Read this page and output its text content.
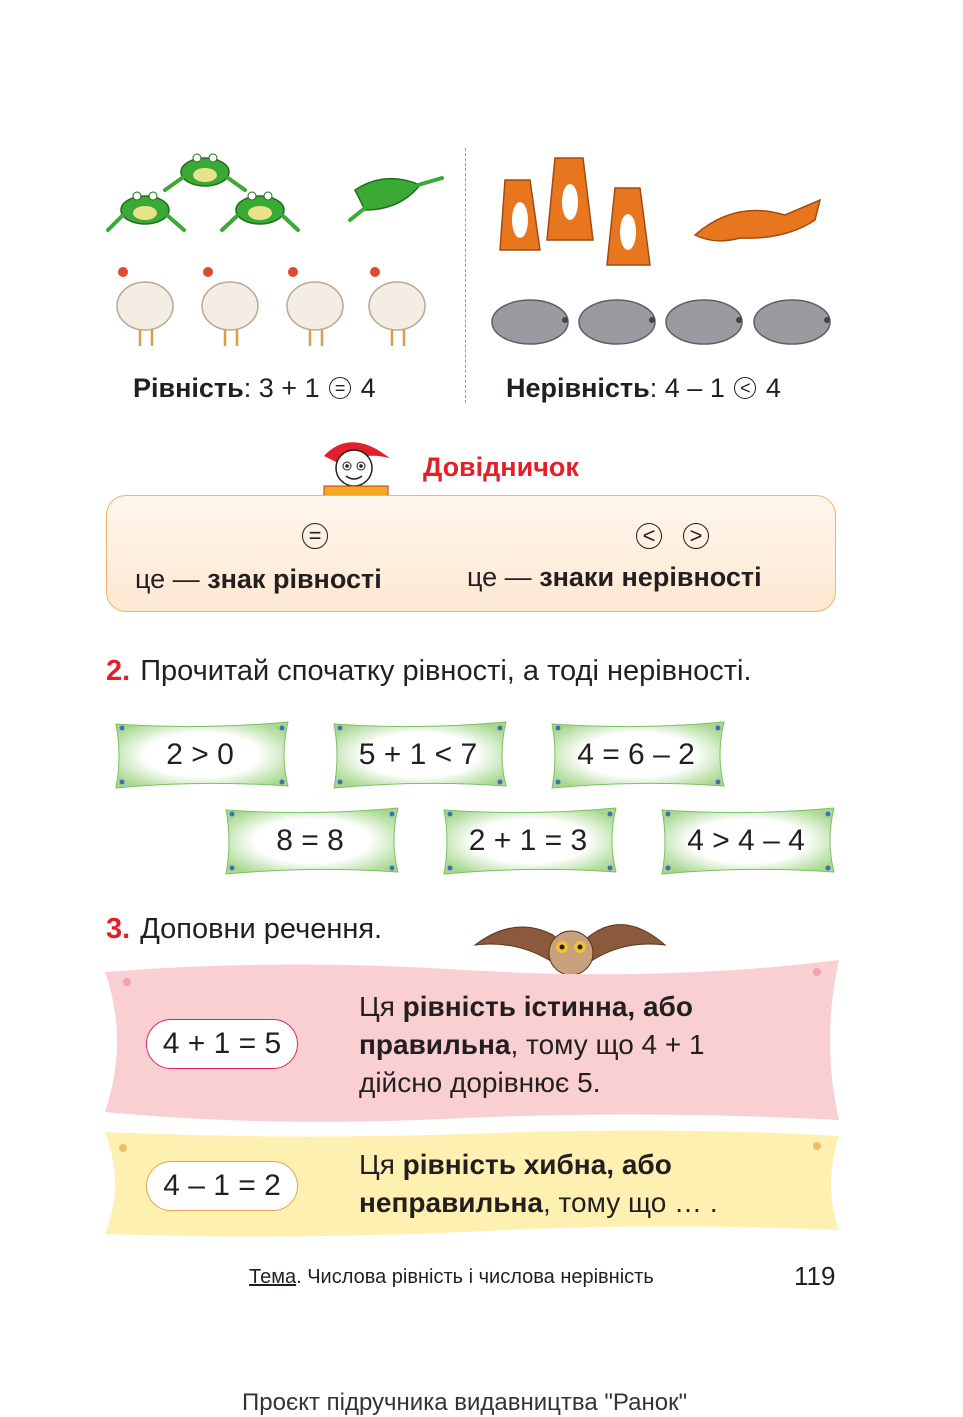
Рівність: 3 + 1 = 4	Нерівність: 4 – 1 < 4
Довідничок
=	< >
це — знак рівності	це — знаки нерівності
2. Прочитай спочатку рівності, а тоді нерівності.
2 > 0	5 + 1 < 7	4 = 6 – 2
8 = 8	2 + 1 = 3	4 > 4 – 4
3. Доповни речення.
4 + 1 = 5
Ця рівність істинна, або
правильна, тому що 4 + 1
дійсно дорівнює 5.
4 – 1 = 2
Ця рівність хибна, або
неправильна, тому що … .
Тема. Числова рівність і числова нерівність	119
Проєкт підручника видавництва "Ранок"
